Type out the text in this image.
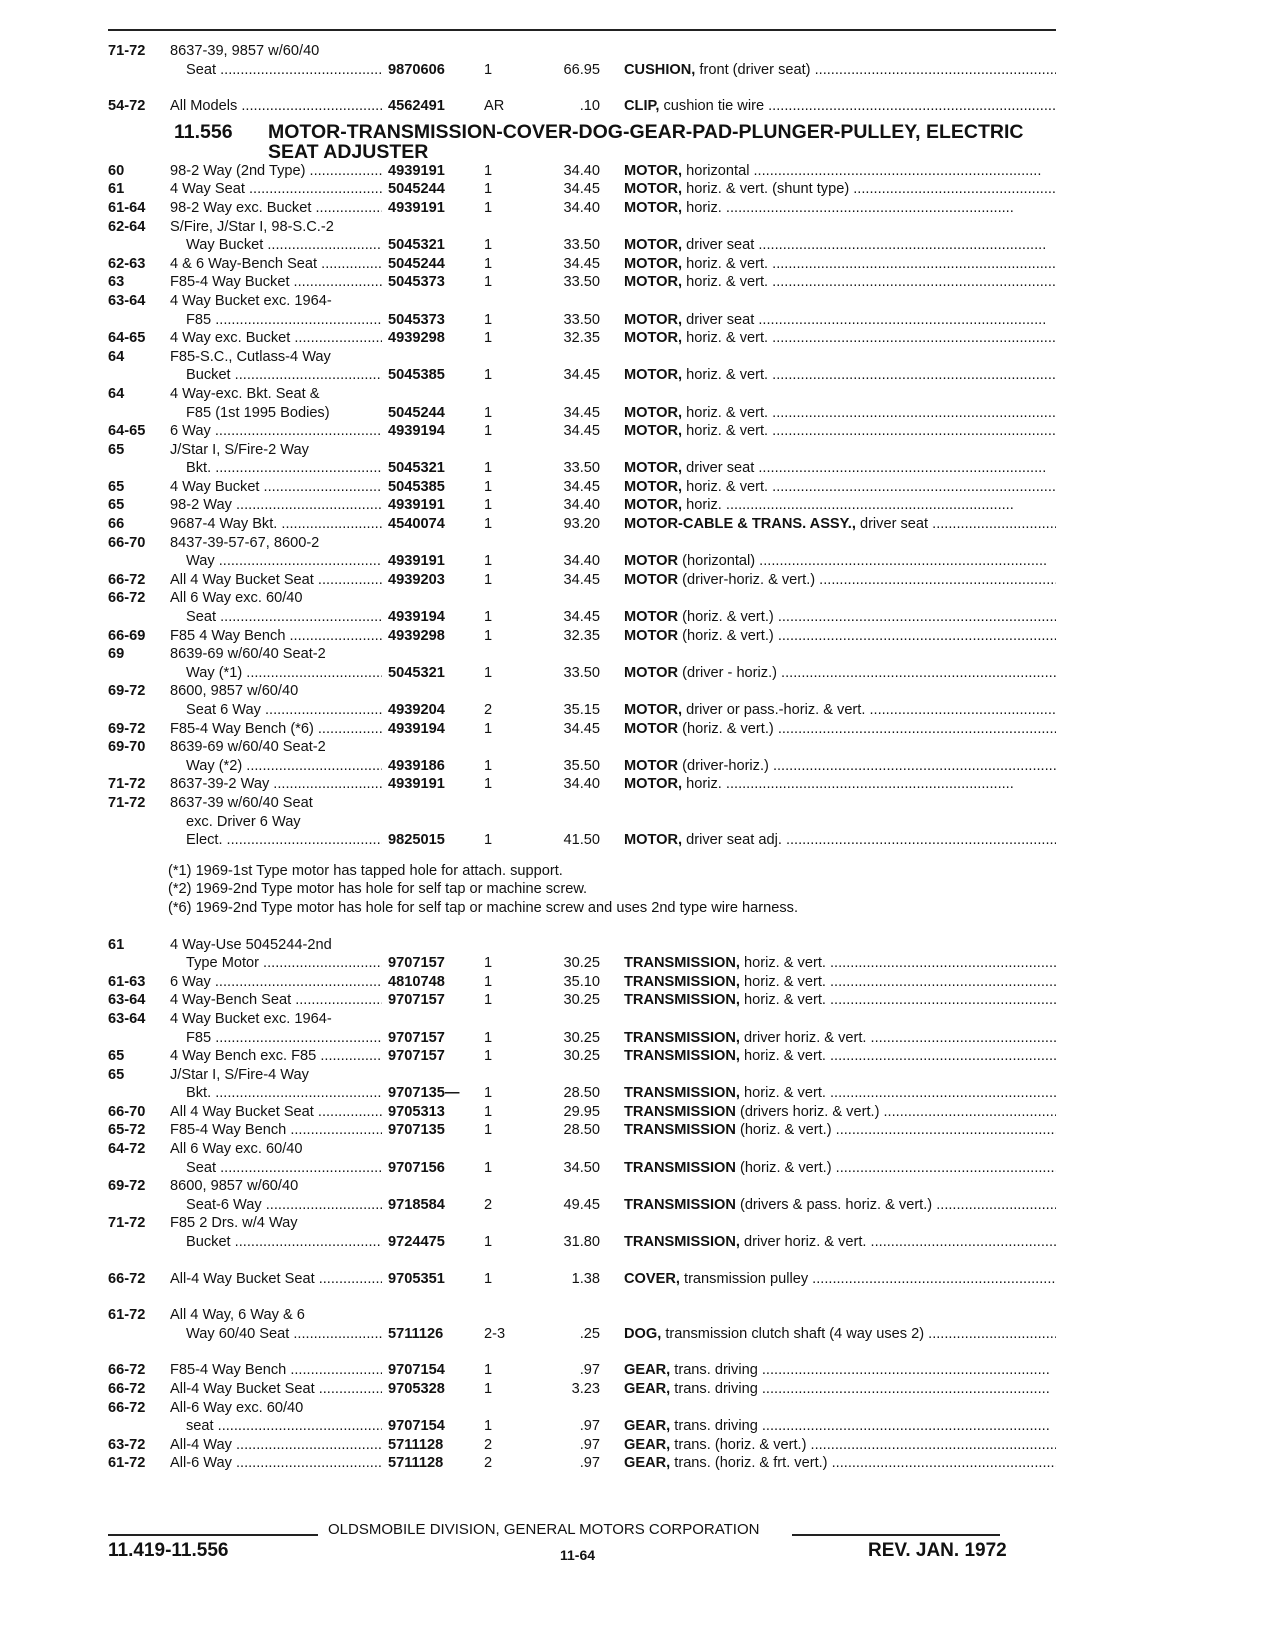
71-72 8637-39, 9857 w/60/40
Seat .....	9870606	1	66.95 CUSHION, front (driver seat) .....
54-72 All Models .....	4562491	AR	.10 CLIP, cushion tie wire .....
11.556 MOTOR-TRANSMISSION-COVER-DOG-GEAR-PAD-PLUNGER-PULLEY, ELECTRIC SEAT ADJUSTER
60	98-2 Way (2nd Type) .....	4939191	1	34.40 MOTOR, horizontal .....
61	4 Way Seat .....	5045244	1	34.45 MOTOR, horiz. & vert. (shunt type) .....
61-64 98-2 Way exc. Bucket .....	4939191	1	34.40 MOTOR, horiz. .....
62-64 S/Fire, J/Star I, 98-S.C.-2
Way Bucket .....	5045321	1	33.50 MOTOR, driver seat .....
62-63 4 & 6 Way-Bench Seat .....	5045244	1	34.45 MOTOR, horiz. & vert. .....
63	F85-4 Way Bucket .....	5045373	1	33.50 MOTOR, horiz. & vert. .....
63-64 4 Way Bucket exc. 1964-
F85 .....	5045373	1	33.50 MOTOR, driver seat .....
64-65 4 Way exc. Bucket .....	4939298	1	32.35 MOTOR, horiz. & vert. .....
64	F85-S.C., Cutlass-4 Way
Bucket .....	5045385	1	34.45 MOTOR, horiz. & vert. .....
64	4 Way-exc. Bkt. Seat &
F85 (1st 1995 Bodies)	5045244	1	34.45 MOTOR, horiz. & vert. .....
64-65 6 Way .....	4939194	1	34.45 MOTOR, horiz. & vert. .....
65	J/Star I, S/Fire-2 Way
Bkt. .....	5045321	1	33.50 MOTOR, driver seat .....
65	4 Way Bucket .....	5045385	1	34.45 MOTOR, horiz. & vert. .....
65	98-2 Way .....	4939191	1	34.40 MOTOR, horiz. .....
66	9687-4 Way Bkt. .....	4540074	1	93.20 MOTOR-CABLE & TRANS. ASSY., driver seat .....
66-70 8437-39-57-67, 8600-2
Way .....	4939191	1	34.40 MOTOR (horizontal) .....
66-72 All 4 Way Bucket Seat .....	4939203	1	34.45 MOTOR (driver-horiz. & vert.) .....
66-72 All 6 Way exc. 60/40
Seat .....	4939194	1	34.45 MOTOR (horiz. & vert.) .....
66-69 F85 4 Way Bench .....	4939298	1	32.35 MOTOR (horiz. & vert.) .....
69	8639-69 w/60/40 Seat-2
Way (*1) .....	5045321	1	33.50 MOTOR (driver - horiz.) .....
69-72 8600, 9857 w/60/40
Seat 6 Way .....	4939204	2	35.15 MOTOR, driver or pass.-horiz. & vert. .....
69-72 F85-4 Way Bench (*6) .....	4939194	1	34.45 MOTOR (horiz. & vert.) .....
69-70 8639-69 w/60/40 Seat-2
Way (*2) .....	4939186	1	35.50 MOTOR (driver-horiz.) .....
71-72 8637-39-2 Way .....	4939191	1	34.40 MOTOR, horiz. .....
71-72 8637-39 w/60/40 Seat
exc. Driver 6 Way
Elect. .....	9825015	1	41.50 MOTOR, driver seat adj. .....
(*1) 1969-1st Type motor has tapped hole for attach. support.
(*2) 1969-2nd Type motor has hole for self tap or machine screw.
(*6) 1969-2nd Type motor has hole for self tap or machine screw and uses 2nd type wire harness.
61	4 Way-Use 5045244-2nd
Type Motor .....	9707157	1	30.25 TRANSMISSION, horiz. & vert. .....
61-63 6 Way .....	4810748	1	35.10 TRANSMISSION, horiz. & vert. .....
63-64 4 Way-Bench Seat .....	9707157	1	30.25 TRANSMISSION, horiz. & vert. .....
63-64 4 Way Bucket exc. 1964-
F85 .....	9707157	1	30.25 TRANSMISSION, driver horiz. & vert. .....
65	4 Way Bench exc. F85 .....	9707157	1	30.25 TRANSMISSION, horiz. & vert. .....
65	J/Star I, S/Fire-4 Way
Bkt. .....	9707135— 1	28.50 TRANSMISSION, horiz. & vert. .....
66-70 All 4 Way Bucket Seat .....	9705313	1	29.95 TRANSMISSION (drivers horiz. & vert.) .....
65-72 F85-4 Way Bench .....	9707135	1	28.50 TRANSMISSION (horiz. & vert.) .....
64-72 All 6 Way exc. 60/40
Seat .....	9707156	1	34.50 TRANSMISSION (horiz. & vert.) .....
69-72 8600, 9857 w/60/40
Seat-6 Way .....	9718584	2	49.45 TRANSMISSION (drivers & pass. horiz. & vert.) .....
71-72 F85 2 Drs. w/4 Way
Bucket .....	9724475	1	31.80 TRANSMISSION, driver horiz. & vert. .....
66-72 All-4 Way Bucket Seat .....	9705351	1	1.38 COVER, transmission pulley .....
61-72 All 4 Way, 6 Way & 6
Way 60/40 Seat .....	5711126	2-3	.25 DOG, transmission clutch shaft (4 way uses 2) .....
66-72 F85-4 Way Bench .....	9707154	1	.97 GEAR, trans. driving .....
66-72 All-4 Way Bucket Seat .....	9705328	1	3.23 GEAR, trans. driving .....
66-72 All-6 Way exc. 60/40
seat .....	9707154	1	.97 GEAR, trans. driving .....
63-72 All-4 Way .....	5711128	2	.97 GEAR, trans. (horiz. & vert.) .....
61-72 All-6 Way .....	5711128	2	.97 GEAR, trans. (horiz. & frt. vert.) .....
OLDSMOBILE DIVISION, GENERAL MOTORS CORPORATION
11.419-11.556	11-64	REV. JAN. 1972
